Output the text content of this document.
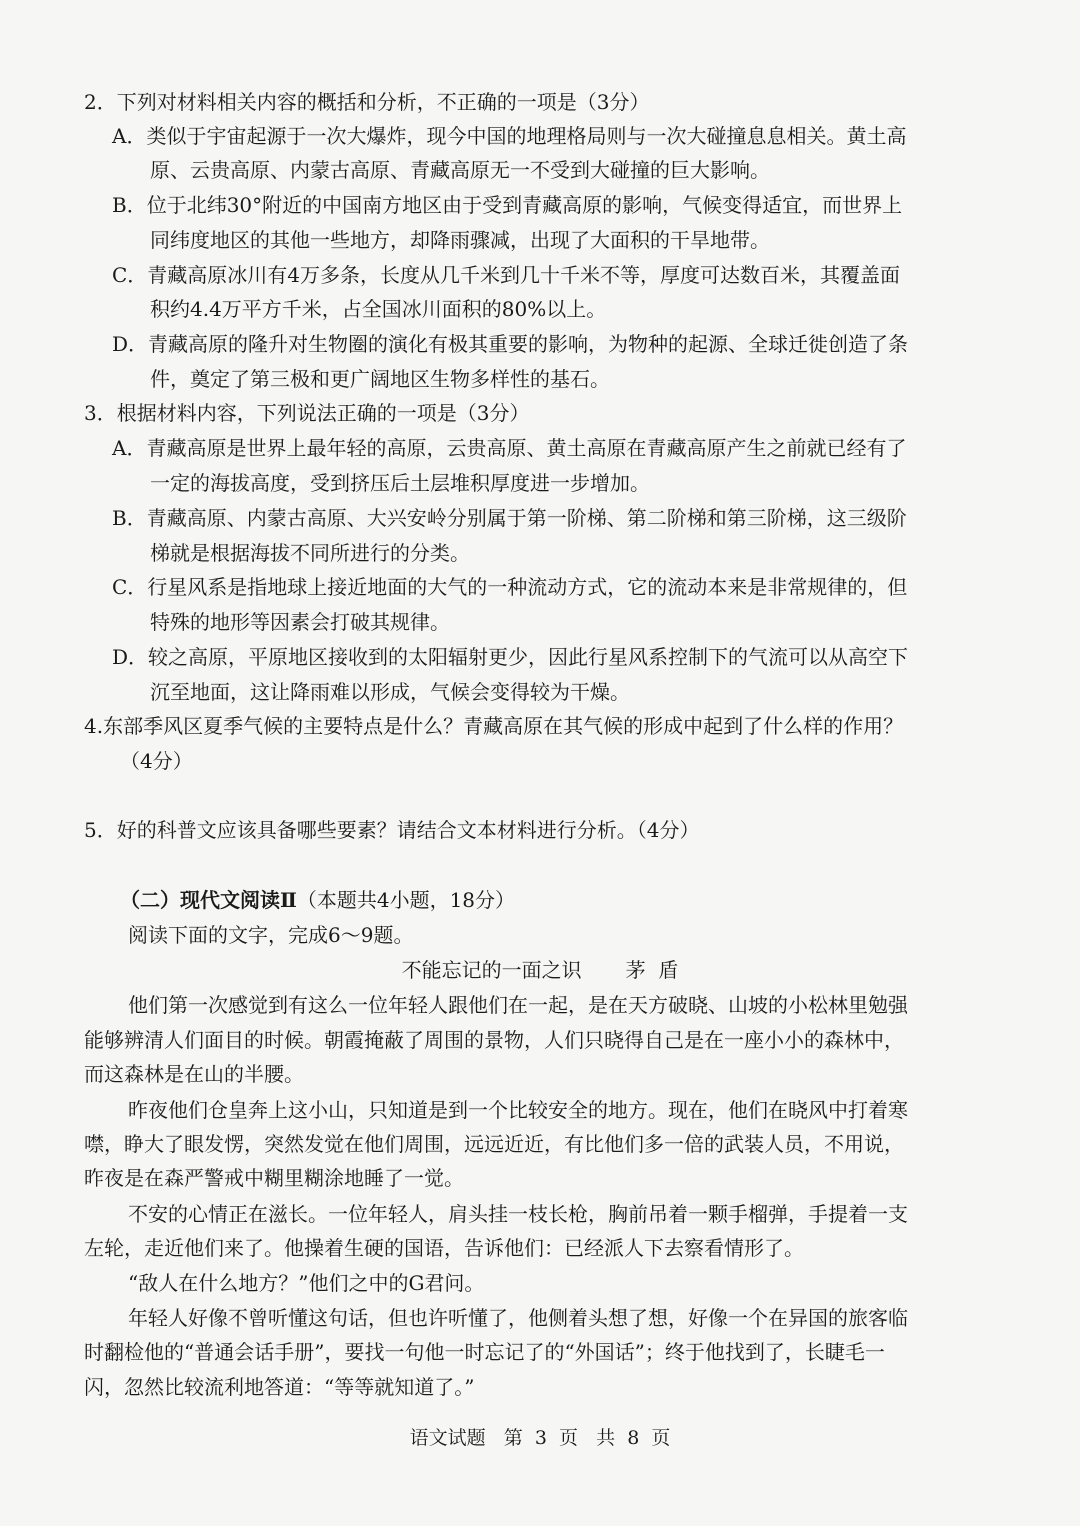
2．下列对材料相关内容的概括和分析，不正确的一项是（3分）
A．类似于宇宙起源于一次大爆炸，现今中国的地理格局则与一次大碰撞息息相关。黄土高
原、云贵高原、内蒙古高原、青藏高原无一不受到大碰撞的巨大影响。
B．位于北纬30°附近的中国南方地区由于受到青藏高原的影响，气候变得适宜，而世界上
同纬度地区的其他一些地方，却降雨骤减，出现了大面积的干旱地带。
C．青藏高原冰川有4万多条，长度从几千米到几十千米不等，厚度可达数百米，其覆盖面
积约4.4万平方千米，占全国冰川面积的80%以上。
D．青藏高原的隆升对生物圈的演化有极其重要的影响，为物种的起源、全球迁徙创造了条
件，奠定了第三极和更广阔地区生物多样性的基石。
3．根据材料内容，下列说法正确的一项是（3分）
A．青藏高原是世界上最年轻的高原，云贵高原、黄土高原在青藏高原产生之前就已经有了
一定的海拔高度，受到挤压后土层堆积厚度进一步增加。
B．青藏高原、内蒙古高原、大兴安岭分别属于第一阶梯、第二阶梯和第三阶梯，这三级阶
梯就是根据海拔不同所进行的分类。
C．行星风系是指地球上接近地面的大气的一种流动方式，它的流动本来是非常规律的，但
特殊的地形等因素会打破其规律。
D．较之高原，平原地区接收到的太阳辐射更少，因此行星风系控制下的气流可以从高空下
沉至地面，这让降雨难以形成，气候会变得较为干燥。
4.东部季风区夏季气候的主要特点是什么？青藏高原在其气候的形成中起到了什么样的作用？
（4分）
5．好的科普文应该具备哪些要素？请结合文本材料进行分析。（4分）
（二）现代文阅读Ⅱ（本题共4小题，18分）
阅读下面的文字，完成6～9题。
不能忘记的一面之识 茅  盾
他们第一次感觉到有这么一位年轻人跟他们在一起，是在天方破晓、山坡的小松林里勉强
能够辨清人们面目的时候。朝霞掩蔽了周围的景物，人们只晓得自己是在一座小小的森林中，
而这森林是在山的半腰。
昨夜他们仓皇奔上这小山，只知道是到一个比较安全的地方。现在，他们在晓风中打着寒
噤，睁大了眼发愣，突然发觉在他们周围，远远近近，有比他们多一倍的武装人员，不用说，
昨夜是在森严警戒中糊里糊涂地睡了一觉。
不安的心情正在滋长。一位年轻人，肩头挂一枝长枪，胸前吊着一颗手榴弹，手提着一支
左轮，走近他们来了。他操着生硬的国语，告诉他们：已经派人下去察看情形了。
“敌人在什么地方？”他们之中的G君问。
年轻人好像不曾听懂这句话，但也许听懂了，他侧着头想了想，好像一个在异国的旅客临
时翻检他的“普通会话手册”，要找一句他一时忘记了的“外国话”；终于他找到了，长睫毛一
闪，忽然比较流利地答道：“等等就知道了。”
语文试题   第  3  页   共  8  页
